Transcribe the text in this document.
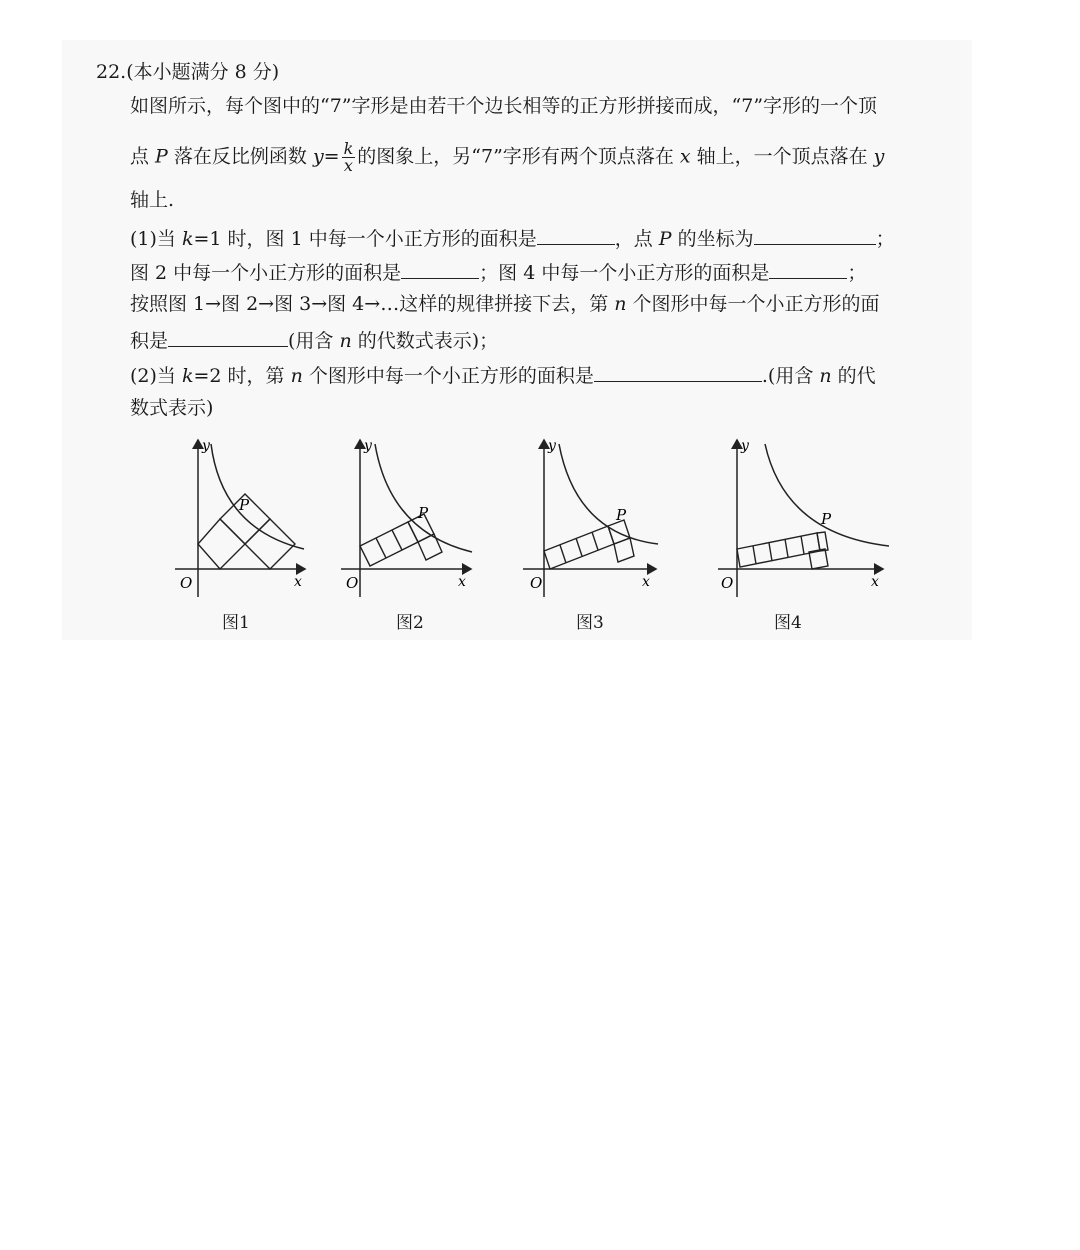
22.(本小题满分 8 分)
如图所示，每个图中的“7”字形是由若干个边长相等的正方形拼接而成，“7”字形的一个顶
点 P 落在反比例函数 $y= \frac{k}{x}$ 的图象上，另“7”字形有两个顶点落在 x 轴上，一个顶点落在 y
轴上.
(1)当 k=1 时，图 1 中每一个小正方形的面积是	，点 P 的坐标为	；
图 2 中每一个小正方形的面积是	；图 4 中每一个小正方形的面积是	；
按照图 1→图 2→图 3→图 4→…这样的规律拼接下去，第 n 个图形中每一个小正方形的面
积是	(用含 n 的代数式表示)；
(2)当 k=2 时，第 n 个图形中每一个小正方形的面积是	.(用含 n 的代
数式表示)
y
x
O
P
图1
y
x
O
P
图2
y
x
O
P
图3
y
x
O
P
图4
